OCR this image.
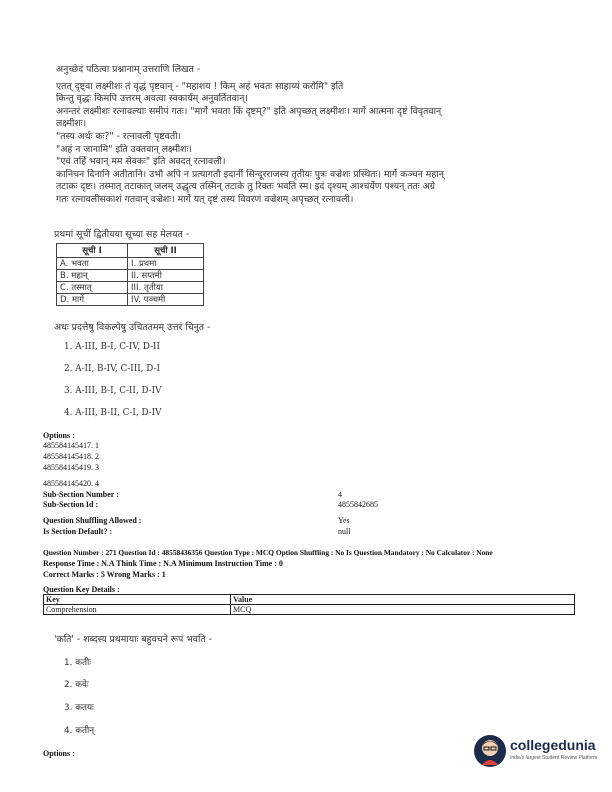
अनुच्छेदं पठित्वा प्रश्नानाम् उत्तराणि लिखत -
एतत् दृष्ट्वा लक्ष्मीशः तं वृद्धं पृष्टवान् - "महाशय ! किम् अहं भवतः साहाय्यं करोमि" इति
किन्तु वृद्धः किमपि उत्तरम् अवत्वा स्वकार्यम् अनुवर्तितवान्।
अनन्तरं लक्ष्मीशः रत्नावल्याः समीपं गतः। "मार्गे भवता किं दृष्टम्?" इति अपृच्छत् लक्ष्मीशः। मार्गे आत्मना दृष्टं विवृतवान्
लक्ष्मीशः।
"तस्य अर्थः कः?" - रत्नावली पृष्टवती।
"अहं न जानामि" इति उक्तवान् लक्ष्मीशः।
"एवं तर्हि भवान् मम सेवकः" इति अवदत् रत्नावली।
कानिचन दिनानि अतीतानि। उभौ अपि न प्रत्यागतौ इदानीं सिन्दूरराजस्य तृतीयः पुत्रः वज्रेशः प्रस्थितः। मार्गे कञ्चन महान्
तटाकः दृष्टः। तस्मात् तटाकात् जलम् उद्धृत्य तस्मिन् तटाके तु रिक्तः भवति स्म। इदं दृश्यम् आश्चर्येण पश्यन् ततः अग्रे
गतः रत्नावलीसकाशं गतवान् वज्रेशः। मार्गे यत् दृष्टं तस्य विवरणं वज्रेशम् अपृच्छत् रत्नावली।
प्रथमां सूचीं द्वितीयया सूच्या सह मेलयत -
सूची I	सूची II
A. भवता	I. प्रथमा
B. महान्	II. सप्तमी
C. तस्मात्	III. तृतीया
D. मार्गे	IV. पञ्चमी
अधः प्रदत्तेषु विकल्पेषु उचिततमम् उत्तरं चिनुत -
1. A-III, B-I, C-IV, D-II
2. A-II, B-IV, C-III, D-I
3. A-III, B-I, C-II, D-IV
4. A-III, B-II, C-I, D-IV
Options :
485584145417. 1
485584145418. 2
485584145419. 3
485584145420. 4
Sub-Section Number :	4
Sub-Section Id :	4855842685
Question Shuffling Allowed :	Yes
Is Section Default? :	null
Question Number : 271 Question Id : 48558436356 Question Type : MCQ Option Shuffling : No Is Question Mandatory : No Calculator : None
Response Time : N.A Think Time : N.A Minimum Instruction Time : 0
Correct Marks : 5 Wrong Marks : 1
Question Key Details :
Key	Value
Comprehension	MCQ
'कति' - शब्दस्य प्रथमायाः बहुवचने रूपं भवति -
1. कतीः
2. कवेः
3. कतयः
4. कतीन्
Options :
collegedunia
India's largest Student Review Platform
